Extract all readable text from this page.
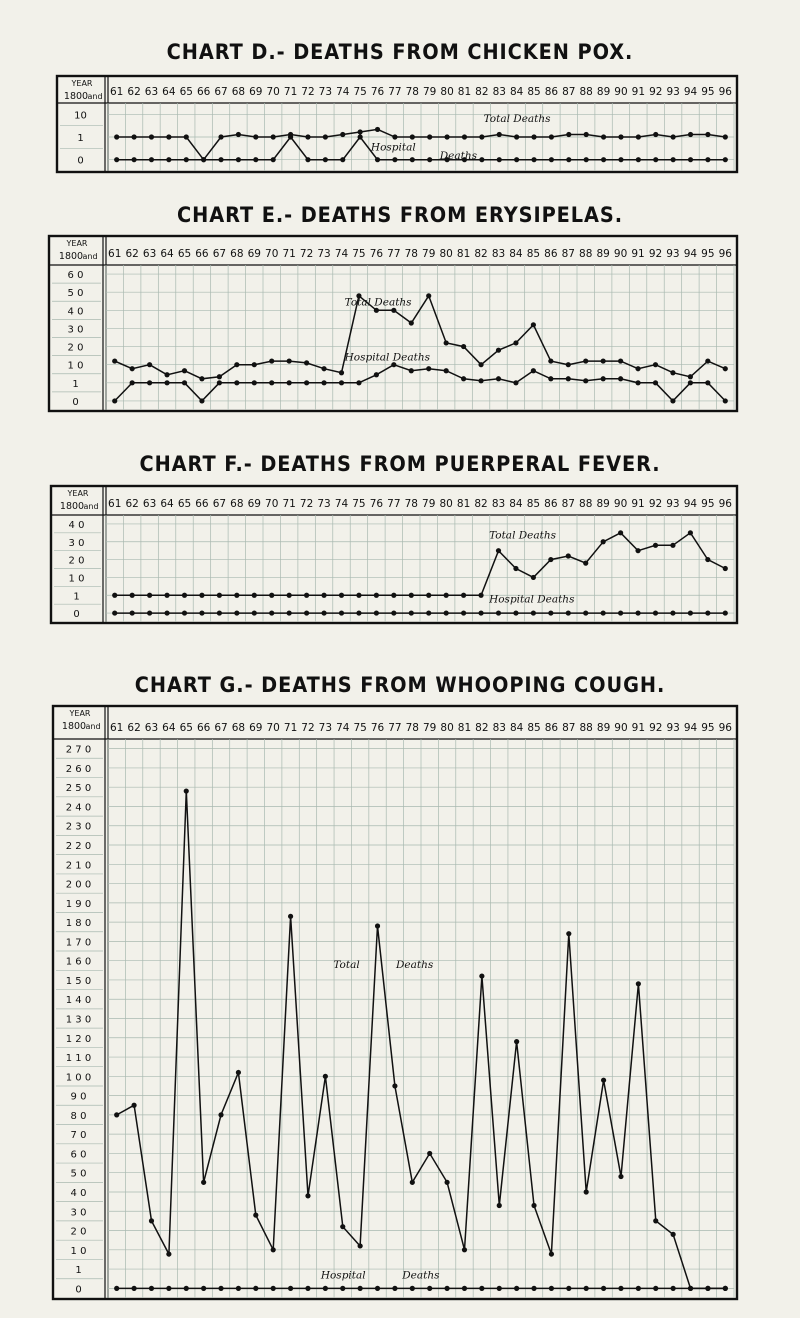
CHART D.- DEATHS FROM CHICKEN POX.
YEAR
1800 and 61 62 63 64 65 66 67 68 69 70 71 72 73 74 75 76 77 78 79 80 81 82 83 84 85 86 87 88 89 90 91 92 93 94 95 96
10
1
0
Total Deaths
Hospital
Deaths
CHART E.- DEATHS FROM ERYSIPELAS.
YEAR
1800 and 61 62 63 64 65 66 67 68 69 70 71 72 73 74 75 76 77 78 79 80 81 82 83 84 85 86 87 88 89 90 91 92 93 94 95 96
6 0
5 0
4 0
3 0
2 0
1 0
1
0
Total Deaths
Hospital Deaths
CHART F.- DEATHS FROM PUERPERAL FEVER.
YEAR
1800 and 61 62 63 64 65 66 67 68 69 70 71 72 73 74 75 76 77 78 79 80 81 82 83 84 85 86 87 88 89 90 91 92 93 94 95 96
4 0
3 0
2 0
1 0
1
0
Total Deaths
Hospital Deaths
CHART G.- DEATHS FROM WHOOPING COUGH.
YEAR
1800 and 61 62 63 64 65 66 67 68 69 70 71 72 73 74 75 76 77 78 79 80 81 82 83 84 85 86 87 88 89 90 91 92 93 94 95 96
2 7 0
2 6 0
2 5 0
2 4 0
2 3 0
2 2 0
2 1 0
2 0 0
1 9 0
1 8 0
1 7 0
1 6 0
1 5 0
1 4 0
1 3 0
1 2 0
1 1 0
1 0 0
9 0
8 0
7 0
6 0
5 0
4 0
3 0
2 0
1 0
1
0
Total	Deaths
Hospital	Deaths
